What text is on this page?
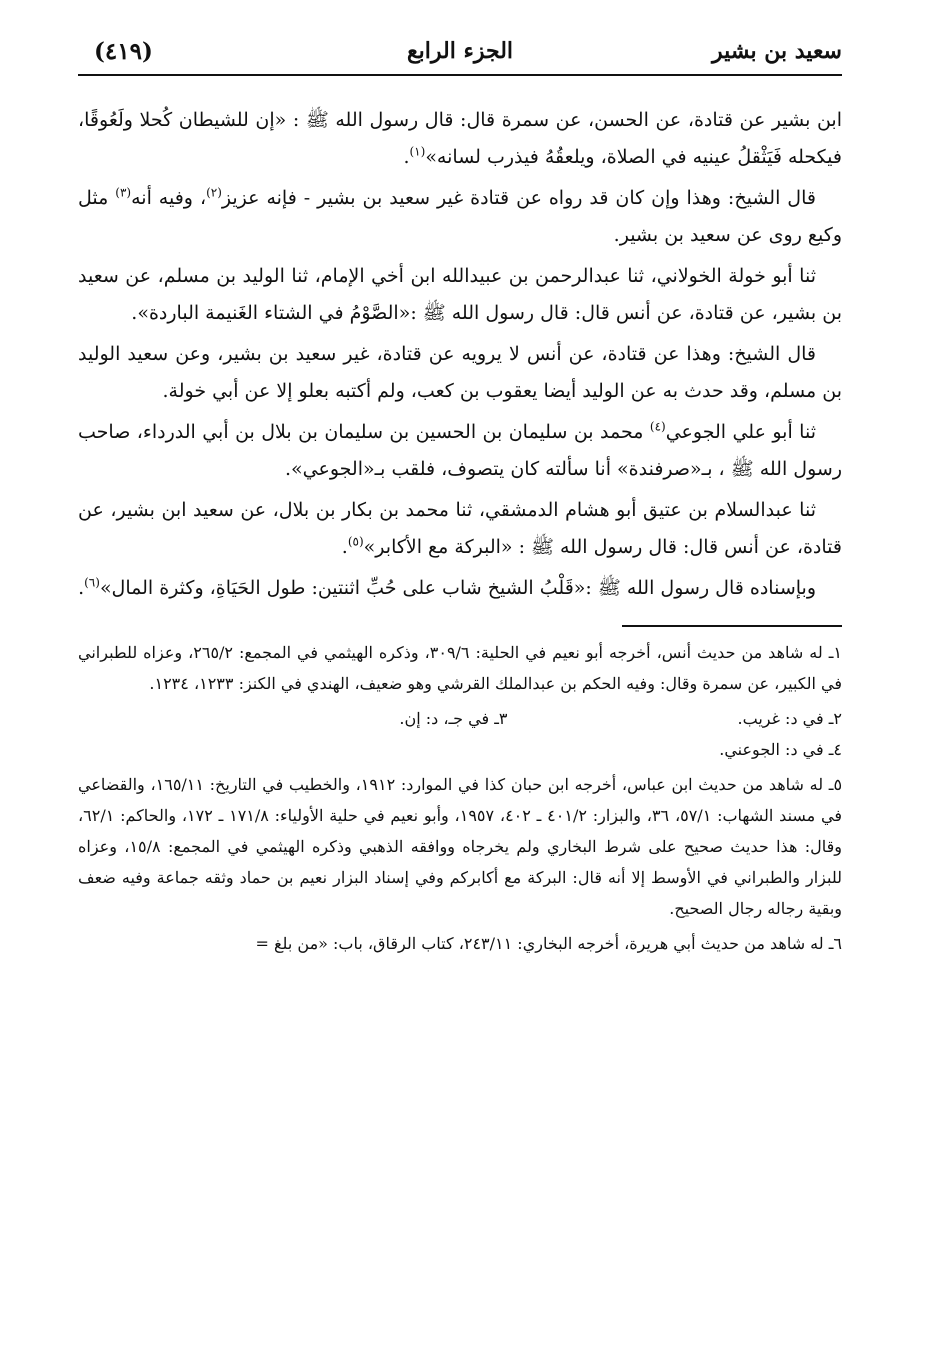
سعيد بن بشير
الجزء الرابع
(٤١٩)

ابن بشير عن قتادة، عن الحسن، عن سمرة قال: قال رسول الله ﷺ : «إن للشيطان كُحلا ولَعُوقًا، فيكحله فَيَثْقلُ عينيه في الصلاة، ويلعقُهُ فيذرب لسانه»$^{(١)}$.

قال الشيخ: وهذا وإن كان قد رواه عن قتادة غير سعيد بن بشير - فإنه عزيز$^{(٢)}$، وفيه أنه$^{(٣)}$ مثل وكيع روى عن سعيد بن بشير.

ثنا أبو خولة الخولاني، ثنا عبدالرحمن بن عبيدالله ابن أخي الإمام، ثنا الوليد بن مسلم، عن سعيد بن بشير، عن قتادة، عن أنس قال: قال رسول الله ﷺ :«الصَّوْمُ في الشتاء الغَنيمة الباردة».

قال الشيخ: وهذا عن قتادة، عن أنس لا يرويه عن قتادة، غير سعيد بن بشير، وعن سعيد الوليد بن مسلم، وقد حدث به عن الوليد أيضا يعقوب بن كعب، ولم أكتبه بعلو إلا عن أبي خولة.

ثنا أبو علي الجوعي$^{(٤)}$ محمد بن سليمان بن الحسين بن سليمان بن بلال بن أبي الدرداء، صاحب رسول الله ﷺ ، بـ«صرفندة» أنا سألته كان يتصوف، فلقب بـ«الجوعي».

ثنا عبدالسلام بن عتيق أبو هشام الدمشقي، ثنا محمد بن بكار بن بلال، عن سعيد ابن بشير، عن قتادة، عن أنس قال: قال رسول الله ﷺ : «البركة مع الأكابر»$^{(٥)}$.

وبإسناده قال رسول الله ﷺ :«قَلْبُ الشيخ شاب على حُبِّ اثنتين: طول الحَيَاةِ، وكثرة المال»$^{(٦)}$.

١ـ له شاهد من حديث أنس، أخرجه أبو نعيم في الحلية: ٣٠٩/٦، وذكره الهيثمي في المجمع: ٢٦٥/٢، وعزاه للطبراني في الكبير، عن سمرة وقال: وفيه الحكم بن عبدالملك القرشي وهو ضعيف، الهندي في الكنز: ١٢٣٣، ١٢٣٤.

٢ـ في د: غريب.
٣ـ في جـ، د: إن.

٤ـ في د: الجوعني.

٥ـ له شاهد من حديث ابن عباس، أخرجه ابن حبان كذا في الموارد: ١٩١٢، والخطيب في التاريخ: ١٦٥/١١، والقضاعي في مسند الشهاب: ٥٧/١، ٣٦، والبزار: ٤٠١/٢ ـ ٤٠٢، ١٩٥٧، وأبو نعيم في حلية الأولياء: ١٧١/٨ ـ ١٧٢، والحاكم: ٦٢/١، وقال: هذا حديث صحيح على شرط البخاري ولم يخرجاه ووافقه الذهبي وذكره الهيثمي في المجمع: ١٥/٨، وعزاه للبزار والطبراني في الأوسط إلا أنه قال: البركة مع أكابركم وفي إسناد البزار نعيم بن حماد وثقه جماعة وفيه ضعف وبقية رجاله رجال الصحيح.

٦ـ له شاهد من حديث أبي هريرة، أخرجه البخاري: ٢٤٣/١١، كتاب الرقاق، باب: «من بلغ =
